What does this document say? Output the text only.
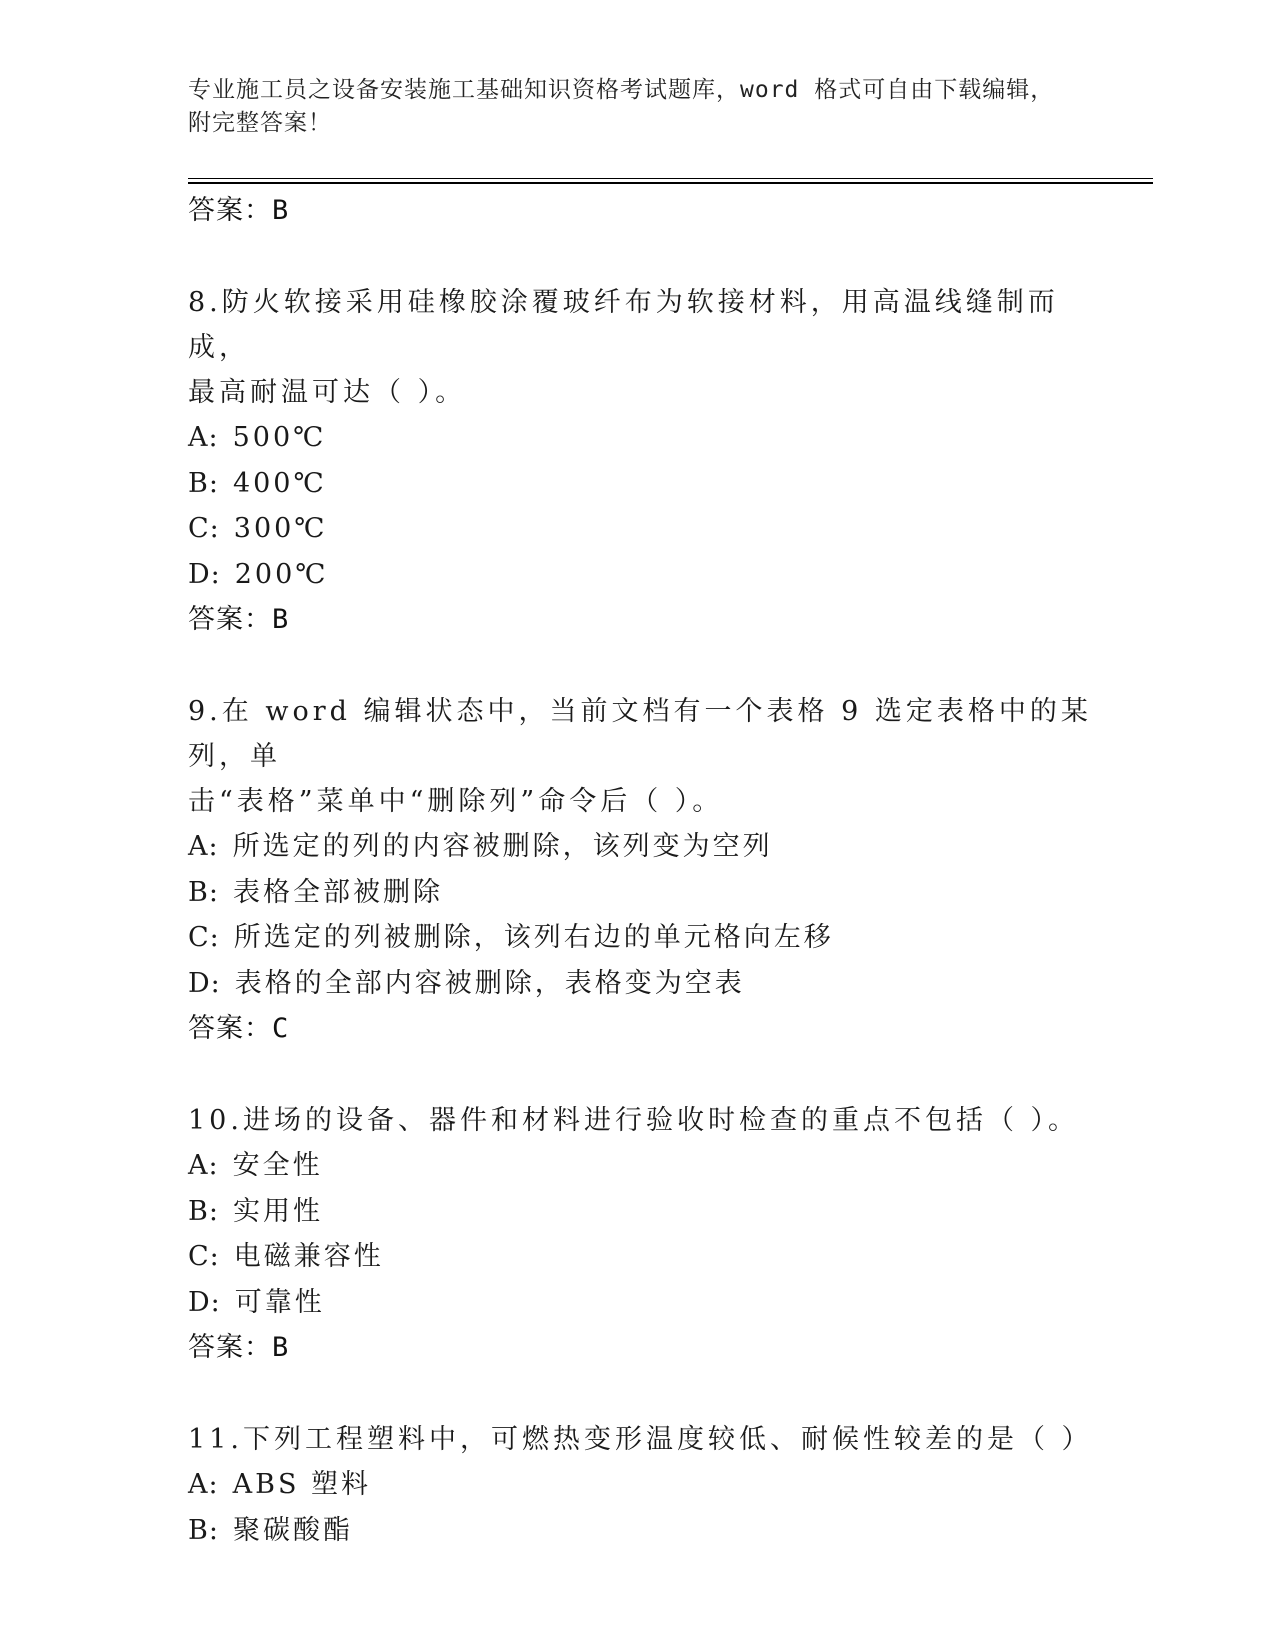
专业施工员之设备安装施工基础知识资格考试题库，word 格式可自由下载编辑，
附完整答案！

答案：B

8.防火软接采用硅橡胶涂覆玻纤布为软接材料，用高温线缝制而成，

最高耐温可达（ ）。

A: 500℃

B: 400℃

C: 300℃

D: 200℃

答案：B

9.在 word 编辑状态中，当前文档有一个表格 9 选定表格中的某列，单

击“表格”菜单中“删除列”命令后（ ）。

A: 所选定的列的内容被删除，该列变为空列

B: 表格全部被删除

C: 所选定的列被删除，该列右边的单元格向左移

D: 表格的全部内容被删除，表格变为空表

答案：C

10.进场的设备、器件和材料进行验收时检查的重点不包括（ ）。

A: 安全性

B: 实用性

C: 电磁兼容性

D: 可靠性

答案：B

11.下列工程塑料中，可燃热变形温度较低、耐候性较差的是（ ）

A: ABS 塑料

B: 聚碳酸酯
